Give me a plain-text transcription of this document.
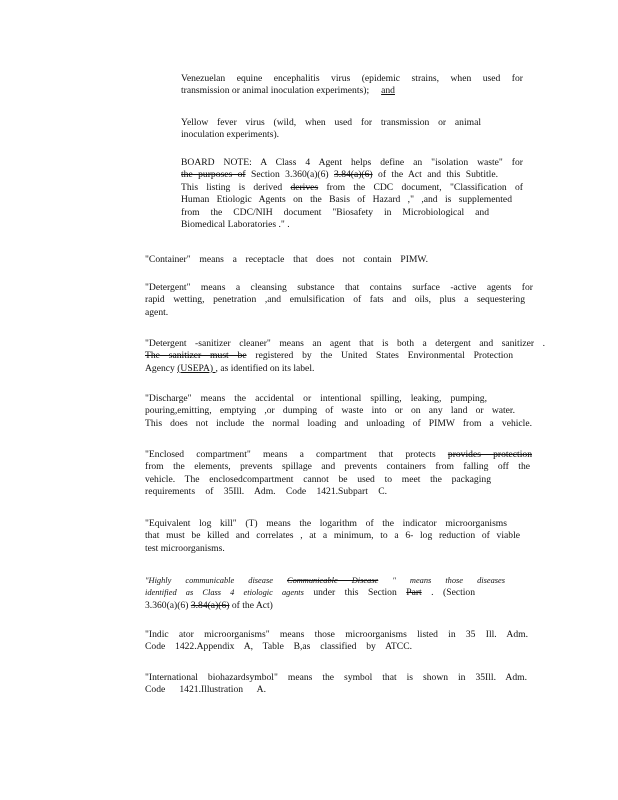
Venezuelan equine encephalitis virus (epidemic strains, when used for
transmission or animal inoculation experiments); and
Yellow fever virus (wild, when used for transmission or animal
inoculation experiments).
BOARD NOTE: A Class 4 Agent helps define an "isolation waste" for
the purposes of Section 3.360(a)(6) 3.84(a)(6) of the Act and this Subtitle.
This listing is derived derives from the CDC document, "Classification of
Human Etiologic Agents on the Basis of Hazard ," ,and is supplemented
from the CDC/NIH document "Biosafety in Microbiological and
Biomedical Laboratories ." .
"Container" means a receptacle that does not contain PIMW.
"Detergent" means a cleansing substance that contains surface -active agents for
rapid wetting, penetration ,and emulsification of fats and oils, plus a sequestering
agent.
"Detergent -sanitizer cleaner" means an agent that is both a detergent and sanitizer .
The sanitizer must be registered by the United States Environmental Protection
Agency (USEPA) , as identified on its label.
"Discharge" means the accidental or intentional spilling, leaking, pumping,
pouring,emitting, emptying ,or dumping of waste into or on any land or water.
This does not include the normal loading and unloading of PIMW from a vehicle.
"Enclosed compartment" means a compartment that protects provides protection
from the elements, prevents spillage and prevents containers from falling off the
vehicle. The enclosedcompartment cannot be used to meet the packaging
requirements of 35Ill. Adm. Code 1421.Subpart C.
"Equivalent log kill" (T) means the logarithm of the indicator microorganisms
that must be killed and correlates , at a minimum, to a 6- log reduction of viable
test microorganisms.
"Highly communicable disease Communicable Disease " means those diseases
identified as Class 4 etiologic agents under this Section Part . (Section
3.360(a)(6) 3.84(a)(6) of the Act)
"Indic ator microorganisms" means those microorganisms listed in 35 Ill. Adm.
Code 1422.Appendix A, Table B,as classified by ATCC.
"International biohazardsymbol" means the symbol that is shown in 35Ill. Adm.
Code 1421.Illustration A.
